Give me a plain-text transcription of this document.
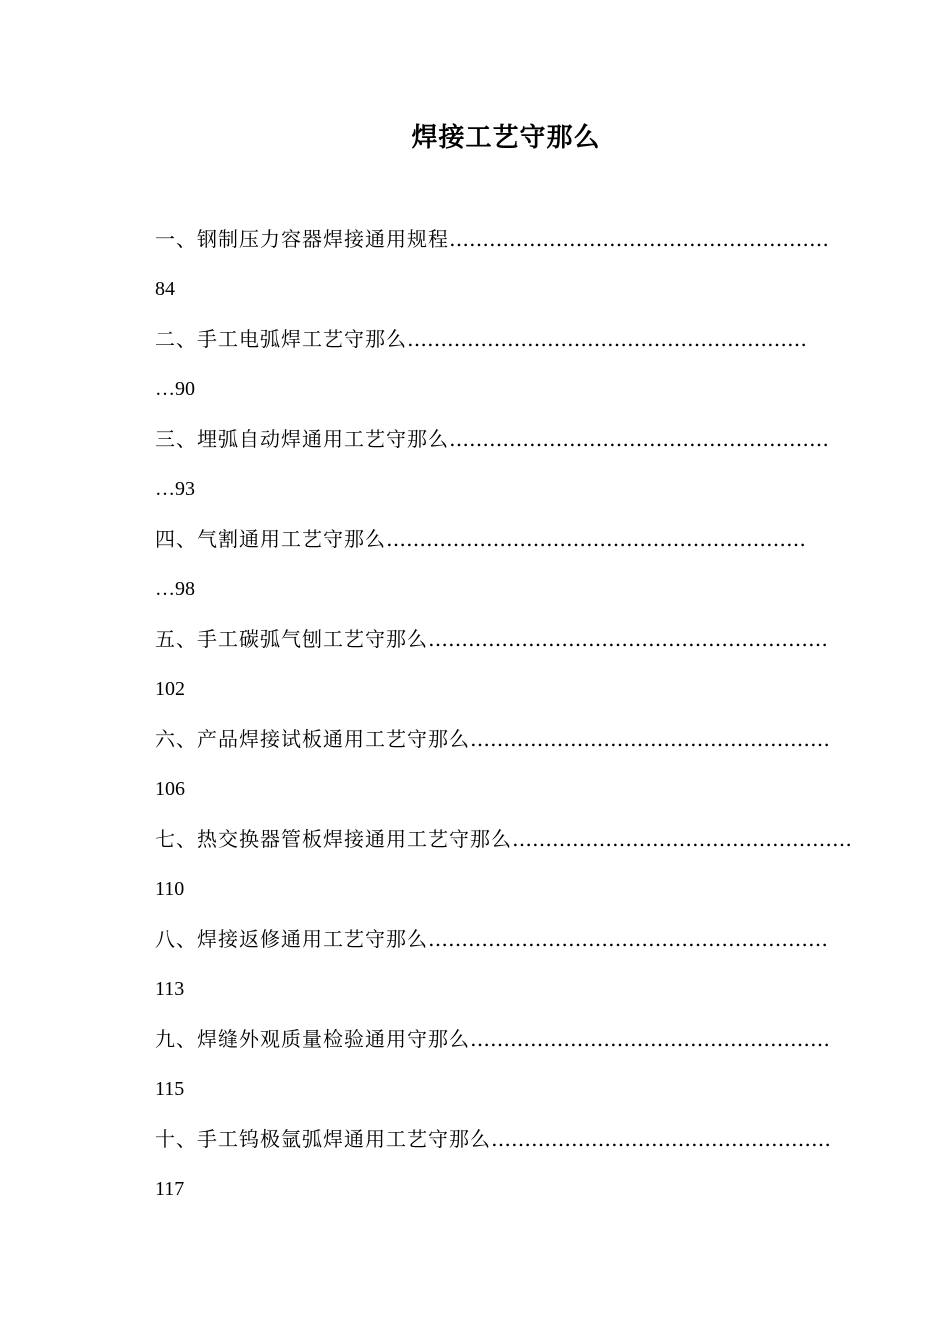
焊接工艺守那么
一、钢制压力容器焊接通用规程…………………………………………………
84
二、手工电弧焊工艺守那么……………………………………………………
…90
三、埋弧自动焊通用工艺守那么…………………………………………………
…93
四、气割通用工艺守那么………………………………………………………
…98
五、手工碳弧气刨工艺守那么……………………………………………………
102
六、产品焊接试板通用工艺守那么………………………………………………
106
七、热交换器管板焊接通用工艺守那么……………………………………………
110
八、焊接返修通用工艺守那么……………………………………………………
113
九、焊缝外观质量检验通用守那么………………………………………………
115
十、手工钨极氩弧焊通用工艺守那么……………………………………………
117
